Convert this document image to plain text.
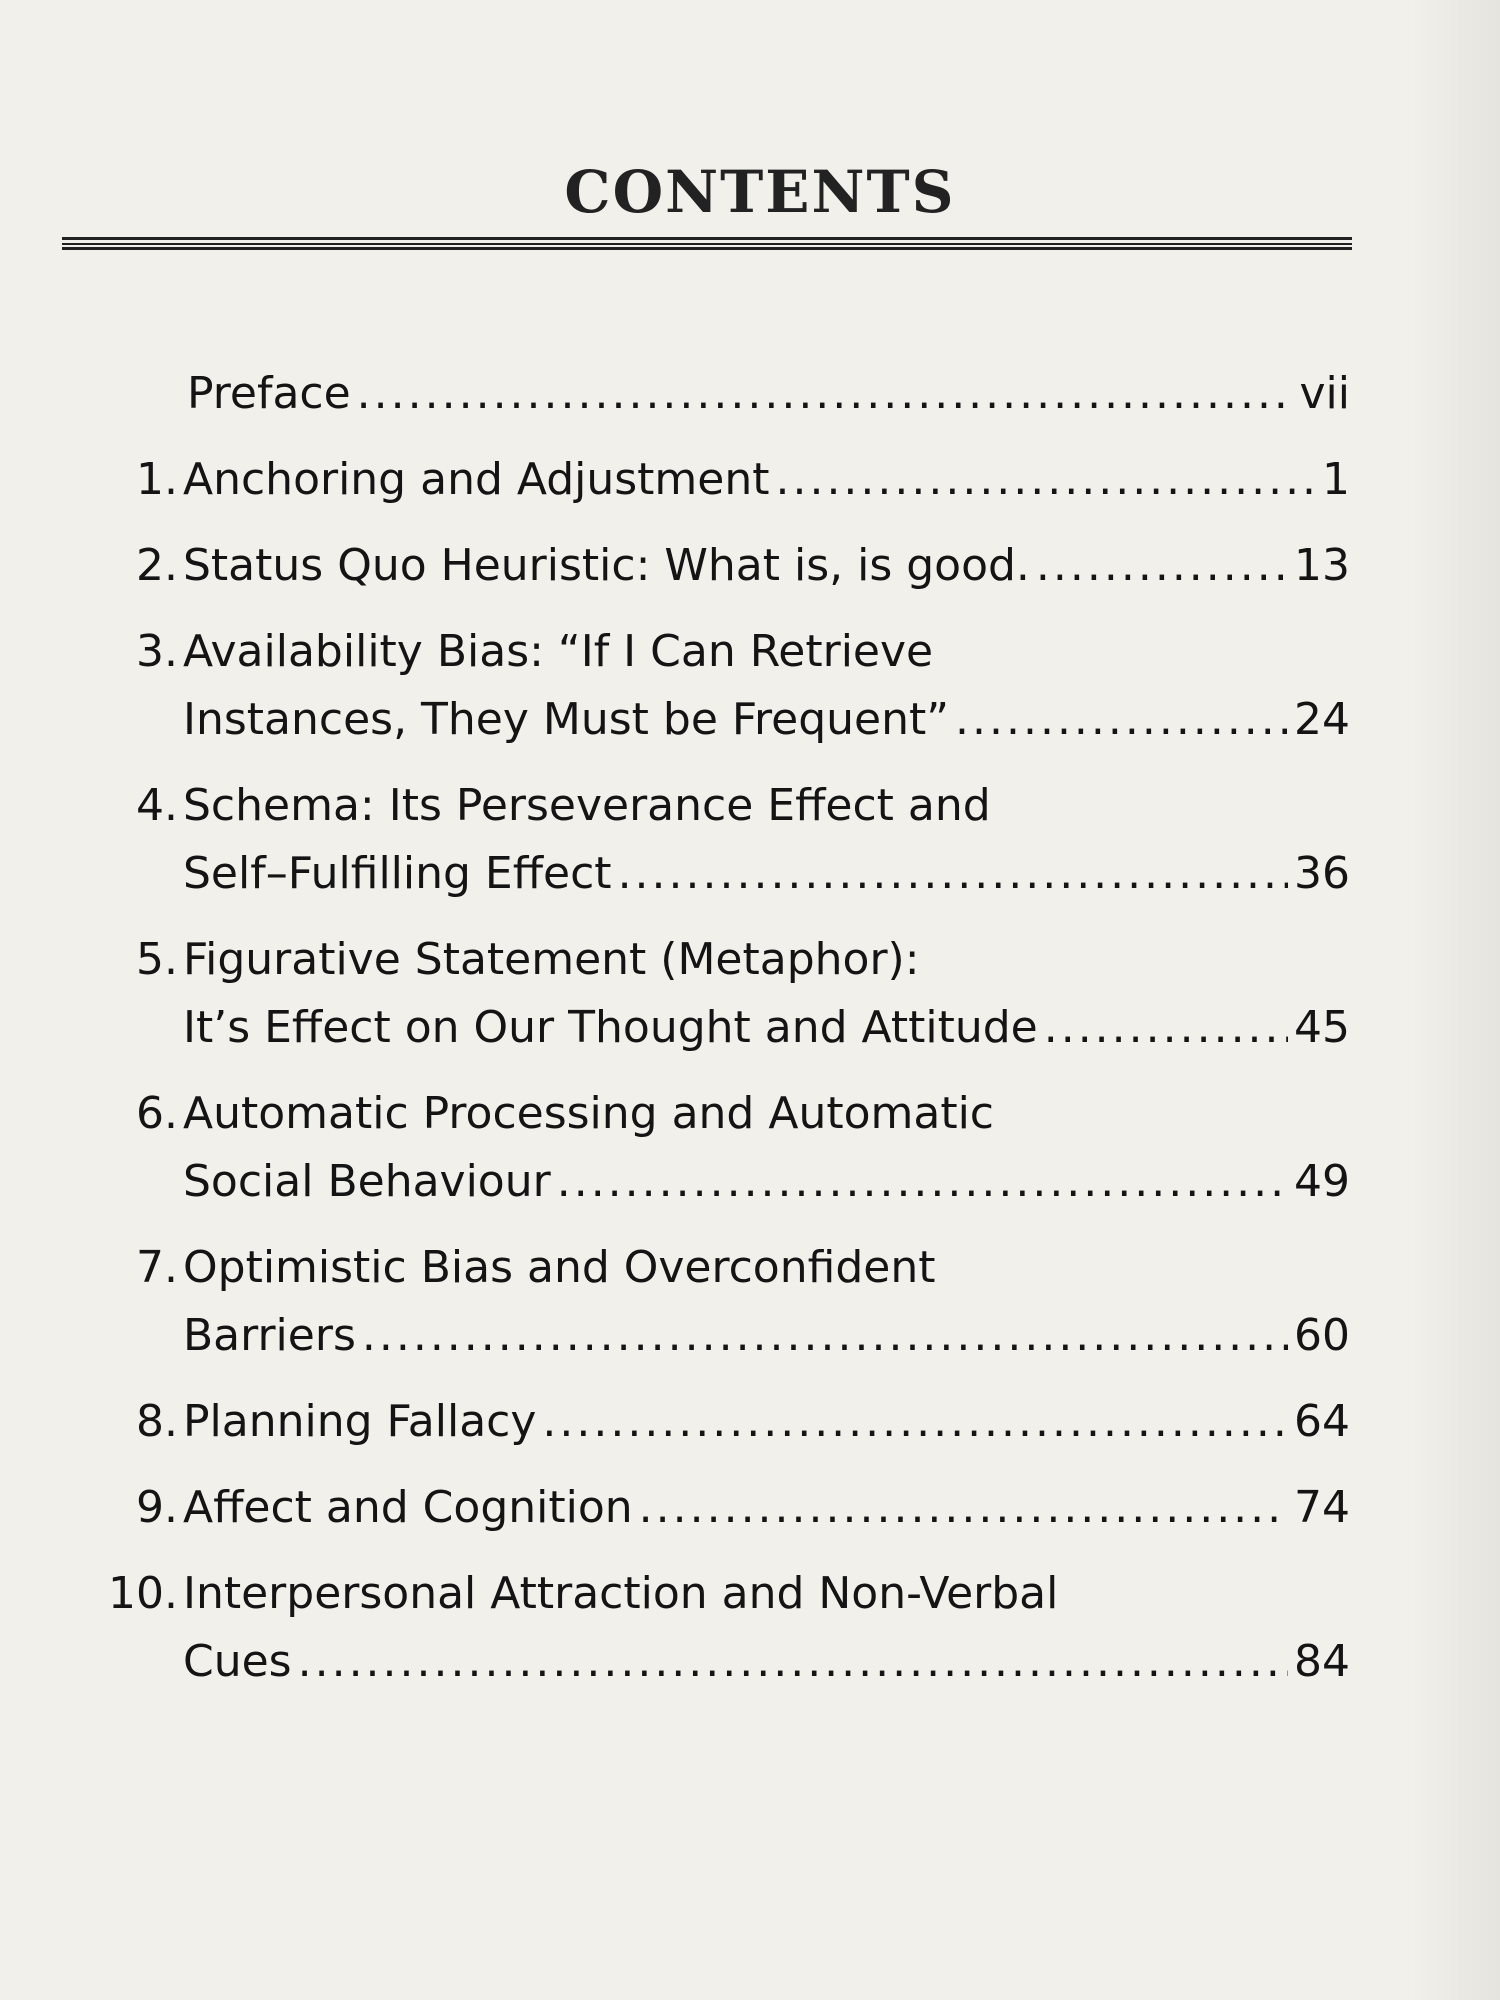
CONTENTS
Preface .....	vii
1. Anchoring and Adjustment .....	1
2. Status Quo Heuristic: What is, is good. .....	13
3. Availability Bias: “If I Can Retrieve
Instances, They Must be Frequent” .....	24
4. Schema: Its Perseverance Effect and
Self–Fulfilling Effect .....	36
5. Figurative Statement (Metaphor):
It’s Effect on Our Thought and Attitude .....	45
6. Automatic Processing and Automatic
Social Behaviour .....	49
7. Optimistic Bias and Overconfident
Barriers .....	60
8. Planning Fallacy .....	64
9. Affect and Cognition .....	74
10. Interpersonal Attraction and Non-Verbal
Cues .....	84
